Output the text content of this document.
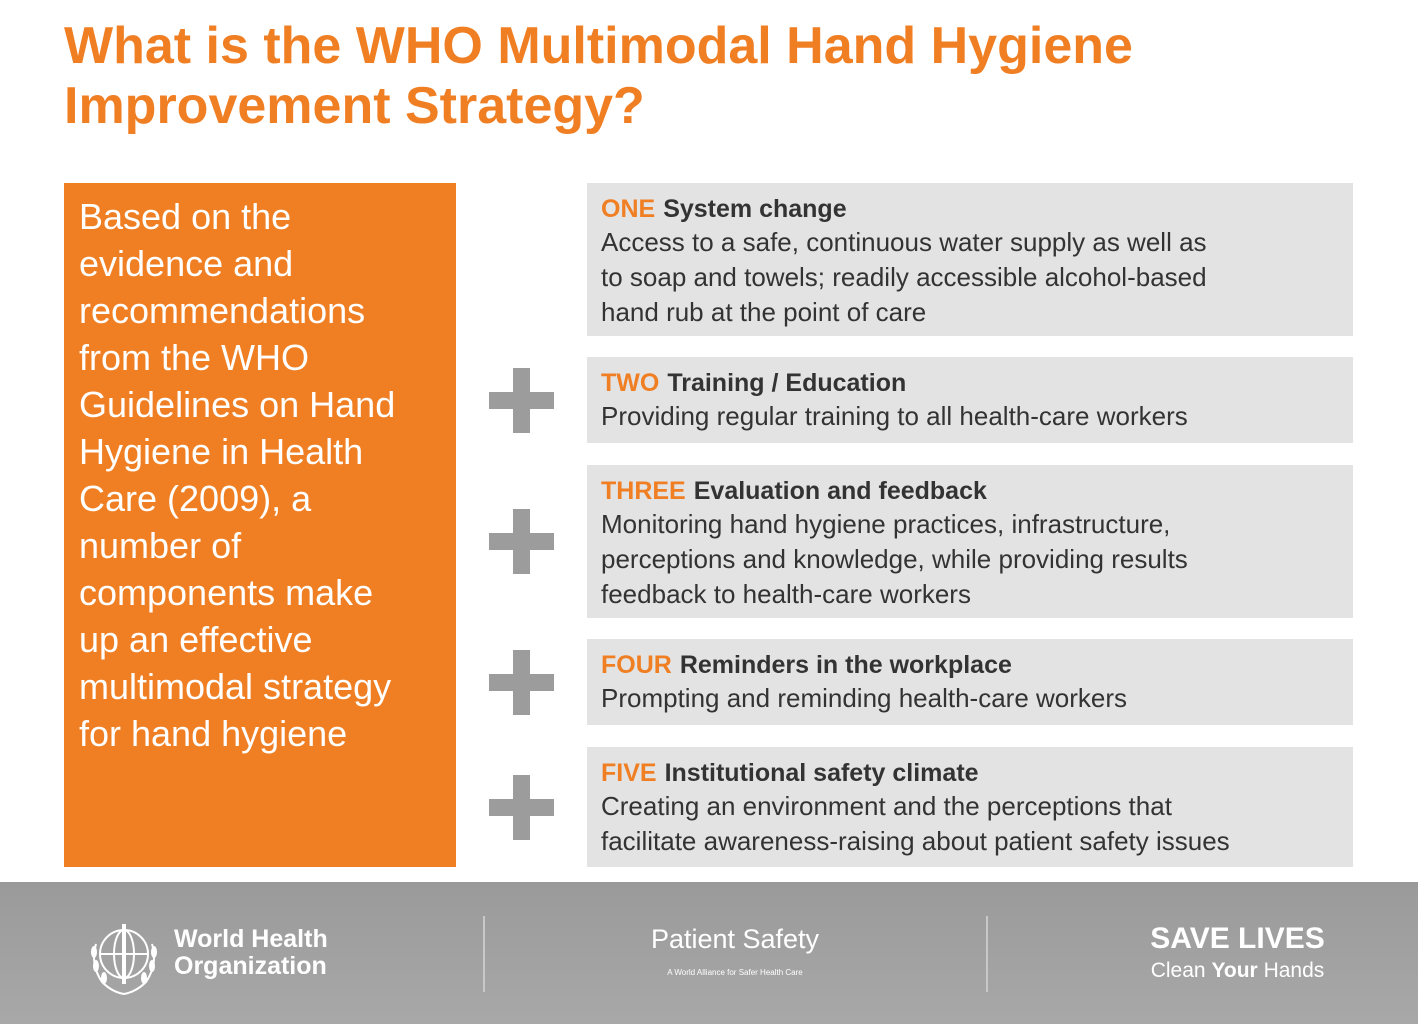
What is the WHO Multimodal Hand Hygiene
Improvement Strategy?

Based on the
evidence and
recommendations
from the WHO
Guidelines on Hand
Hygiene in Health
Care (2009), a
number of
components make
up an effective
multimodal strategy
for hand hygiene

ONE System change
Access to a safe, continuous water supply as well as
to soap and towels; readily accessible alcohol-based
hand rub at the point of care
TWO Training / Education
Providing regular training to all health-care workers
THREE Evaluation and feedback
Monitoring hand hygiene practices, infrastructure,
perceptions and knowledge, while providing results
feedback to health-care workers
FOUR Reminders in the workplace
Prompting and reminding health-care workers
FIVE Institutional safety climate
Creating an environment and the perceptions that
facilitate awareness-raising about patient safety issues
World Health
Organization
Patient Safety
A World Alliance for Safer Health Care
SAVE LIVES
Clean Your Hands
